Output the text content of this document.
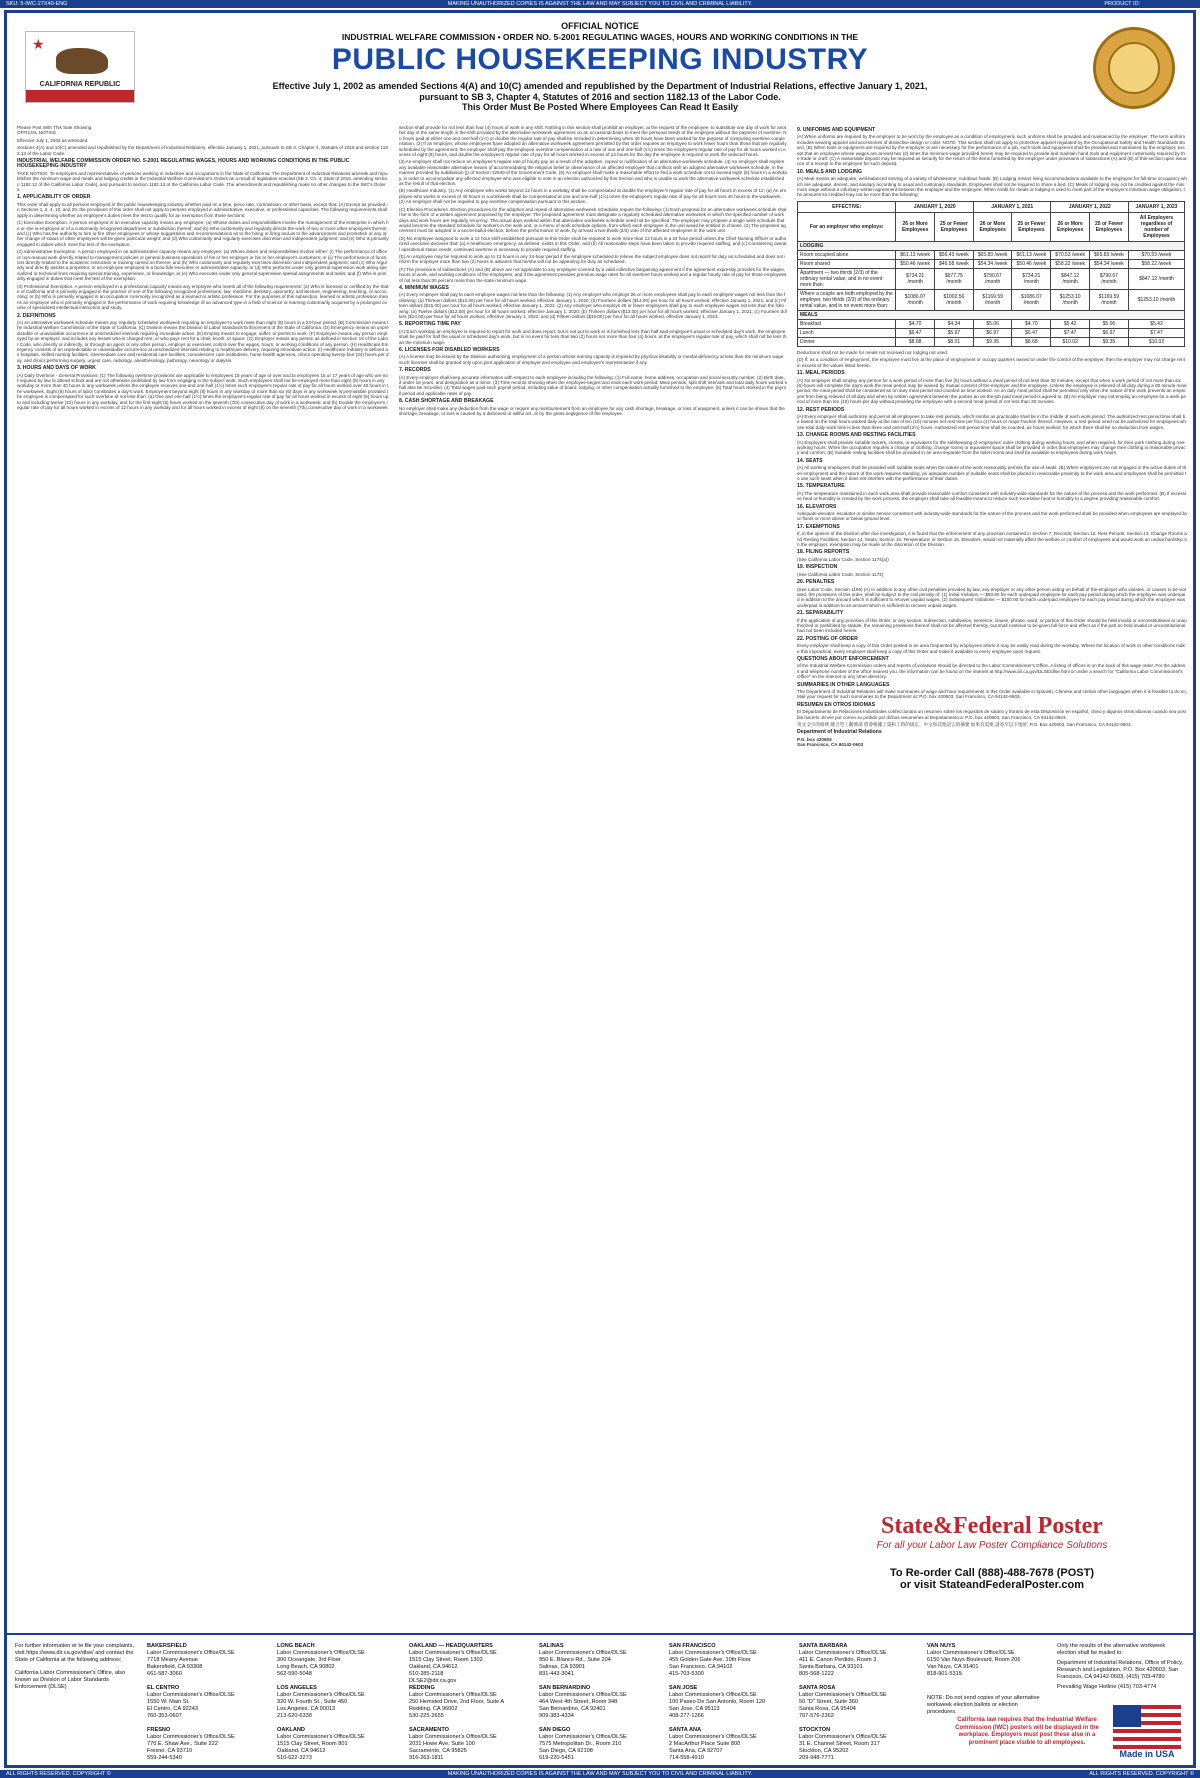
SKU: 5-IWC-27X40-ENG	MAKING UNAUTHORIZED COPIES IS AGAINST THE LAW AND MAY SUBJECT YOU TO CIVIL AND CRIMINAL LIABILITY.	PRODUCT ID:
★
CALIFORNIA REPUBLIC
OFFICIAL NOTICE
INDUSTRIAL WELFARE COMMISSION • ORDER NO. 5-2001 REGULATING WAGES, HOURS AND WORKING CONDITIONS IN THE
PUBLIC HOUSEKEEPING INDUSTRY
Effective July 1, 2002 as amended Sections 4(A) and 10(C) amended and republished by the Department of Industrial Relations, effective January 1, 2021,
pursuant to SB 3, Chapter 4, Statutes of 2016 and section 1182.13 of the Labor Code.
This Order Must Be Posted Where Employees Can Read It Easily
Please Post With This Side Showing
OFFICIAL NOTICE
Effective July 1, 2002 as amended
Sections 4(A) and 10(C) amended and republished by the Department of Industrial Relations, effective January 1, 2021, pursuant to SB 3, Chapter 4, Statutes of 2016 and section 1182.13 of the Labor Code.
INDUSTRIAL WELFARE COMMISSION ORDER NO. 5-2001 REGULATING WAGES, HOURS AND WORKING CONDITIONS IN THE PUBLIC HOUSEKEEPING INDUSTRY
TAKE NOTICE: To employers and representatives of persons working in industries and occupations in the State of California: The Department of Industrial Relations amends and republishes the minimum wage and meals and lodging credits in the Industrial Welfare Commission's Orders as a result of legislation enacted (SB 3, Ch. 4, Stats of 2016, amending section 1182.12 of the California Labor Code), and pursuant to section 1182.13 of the California Labor Code. The amendments and republishing make no other changes to the IWC's Orders.
1. APPLICABILITY OF ORDER
This order shall apply to all persons employed in the public housekeeping industry whether paid on a time, piece rate, commission, or other basis, except that: (A) Except as provided in Sections 1, 2, 4, 10, and 20, the provisions of this order shall not apply to persons employed in administrative, executive, or professional capacities. The following requirements shall apply in determining whether an employee's duties meet the test to qualify for an exemption from those sections:
(1) Executive Exemption. A person employed in an executive capacity means any employee: (a) Whose duties and responsibilities involve the management of the enterprise in which he or she is employed or of a customarily recognized department or subdivision thereof; and (b) Who customarily and regularly directs the work of two or more other employees therein; and (c) Who has the authority to hire or fire other employees or whose suggestions and recommendations as to the hiring or firing and as to the advancement and promotion or any other change of status of other employees will be given particular weight; and (d) Who customarily and regularly exercises discretion and independent judgment; and (e) Who is primarily engaged in duties which meet the test of the exemption.
(2) Administrative Exemption. A person employed in an administrative capacity means any employee: (a) Whose duties and responsibilities involve either: (i) The performance of office or non-manual work directly related to management policies or general business operations of his or her employer or his or her employer's customers; or (ii) The performance of functions directly related to the academic instruction or training carried on therein; and (b) Who customarily and regularly exercises discretion and independent judgment; and (c) Who regularly and directly assists a proprietor, or an employee employed in a bona fide executive or administrative capacity; or (d) Who performs under only general supervision work along specialized or technical lines requiring special training, experience, or knowledge; or (e) Who executes under only general supervision special assignments and tasks; and (f) Who is primarily engaged in duties that meet the test of the exemption.
(3) Professional Exemption. A person employed in a professional capacity means any employee who meets all of the following requirements: (a) Who is licensed or certified by the State of California and is primarily engaged in the practice of one of the following recognized professions: law, medicine, dentistry, optometry, architecture, engineering, teaching, or accounting; or (b) Who is primarily engaged in an occupation commonly recognized as a learned or artistic profession. For the purposes of this subsection, learned or artistic profession means an employee who is primarily engaged in the performance of work requiring knowledge of an advanced type in a field of science or learning customarily acquired by a prolonged course of specialized intellectual instruction and study.
2. DEFINITIONS
(A) An alternative workweek schedule means any regularly scheduled workweek requiring an employee to work more than eight (8) hours in a 24-hour period. (B) Commission means the Industrial Welfare Commission of the State of California. (C) Division means the Division of Labor Standards Enforcement of the State of California. (D) Emergency means an unpredictable or unavoidable occurrence at unscheduled intervals requiring immediate action. (E) Employ means to engage, suffer, or permit to work. (F) Employee means any person employed by an employer, and includes any lessee who is charged rent, or who pays rent for a chair, booth, or space. (G) Employer means any person as defined in Section 18 of the Labor Code, who directly or indirectly, or through an agent or any other person, employs or exercises control over the wages, hours, or working conditions of any person. (H) Healthcare Emergency consists of an unpredictable or unavoidable occurrence at unscheduled intervals relating to healthcare delivery, requiring immediate action. (I) Healthcare Industry is defined as hospitals, skilled nursing facilities, intermediate care and residential care facilities, convalescent care institutions, home health agencies, clinics operating twenty-four (24) hours per day, and clinics performing surgery, urgent care, radiology, anesthesiology, pathology, neurology or dialysis.
3. HOURS AND DAYS OF WORK
(A) Daily Overtime - General Provisions. (1) The following overtime provisions are applicable to employees 18 years of age or over and to employees 16 or 17 years of age who are not required by law to attend school and are not otherwise prohibited by law from engaging in the subject work. Such employees shall not be employed more than eight (8) hours in any workday or more than 40 hours in any workweek unless the employee receives one and one-half (1½) times such employee's regular rate of pay for all hours worked over 40 hours in the workweek. Eight (8) hours of labor constitutes a day's work. Employment beyond eight (8) hours in any workday or more than six (6) days in any workweek is permissible provided the employee is compensated for such overtime at not less than: (a) One and one-half (1½) times the employee's regular rate of pay for all hours worked in excess of eight (8) hours up to and including twelve (12) hours in any workday, and for the first eight (8) hours worked on the seventh (7th) consecutive day of work in a workweek; and (b) Double the employee's regular rate of pay for all hours worked in excess of 12 hours in any workday and for all hours worked in excess of eight (8) on the seventh (7th) consecutive day of work in a workweek.
section shall provide for not less than four (4) hours of work in any shift. Nothing in this section shall prohibit an employer, at the request of the employee, to substitute one day of work for another day of the same length in the shift provided by the alternative workweek agreement on an occasional basis to meet the personal needs of the employee without the payment of overtime. No hours paid at either one and one-half (1½) or double the regular rate of pay shall be included in determining when 40 hours have been worked for the purpose of computing overtime compensation. (2) If an employer, whose employees have adopted an alternative workweek agreement permitted by this order requires an employee to work fewer hours than those that are regularly scheduled by the agreement, the employer shall pay the employee overtime compensation at a rate of one and one-half (1½) times the employee's regular rate of pay for all hours worked in excess of eight (8) hours, and double the employee's regular rate of pay for all hours worked in excess of 12 hours for the day the employee is required to work the reduced hours.
(3) An employer shall not reduce an employee's regular rate of hourly pay as a result of the adoption, repeal or nullification of an alternative workweek schedule. (4) An employer shall explore any available reasonable alternative means of accommodating the religious belief or observance of an affected employee that conflicts with an adopted alternative workweek schedule, in the manner provided by subdivision (j) of Section 12940 of the Government Code. (5) An employer shall make a reasonable effort to find a work schedule not to exceed eight (8) hours in a workday, in order to accommodate any affected employee who was eligible to vote in an election authorized by this Section and who is unable to work the alternative workweek schedule established as the result of that election.
(B) Healthcare Industry. (1) Any employee who works beyond 12 hours in a workday shall be compensated at double the employee's regular rate of pay for all hours in excess of 12; (a) An employee who works in excess of 40 hours in a workweek shall be compensated at one and one-half (1½) times the employee's regular rate of pay for all hours over 40 hours in the workweek. (2) An employer shall not be required to pay overtime compensation pursuant to this section.
(C) Election Procedures. Election procedures for the adoption and repeal of alternative workweek schedules require the following: (1) Each proposal for an alternative workweek schedule shall be in the form of a written agreement proposed by the employer. The proposed agreement must designate a regularly scheduled alternative workweek in which the specified number of work days and work hours are regularly recurring. The actual days worked within that alternative workweek schedule need not be specified. The employer may propose a single work schedule that would become the standard schedule for workers in the work unit, or a menu of work schedule options, from which each employee in the unit would be entitled to choose. (2) The proposed agreement must be adopted in a secret ballot election, before the performance of work, by at least a two-thirds (2/3) vote of the affected employees in the work unit.
(D) No employee assigned to work a 12 hour shift established pursuant to this Order shall be required to work more than 12 hours in a 24 hour period unless the Chief Nursing Officer or authorized executive declares that: (a) A healthcare emergency, as defined, exists in this Order, and (b) All reasonable steps have been taken to provide required staffing, and (c) Considering overall operational status needs, continued overtime is necessary to provide required staffing.
(E) An employee may be required to work up to 13 hours in any 24-hour period if the employee scheduled to relieve the subject employee does not report for duty as scheduled and does not inform the employer more than two (2) hours in advance that he/she will not be appearing for duty as scheduled.
(F) The provisions of subsections (A) and (B) above are not applicable to any employee covered by a valid collective bargaining agreement if the agreement expressly provides for the wages, hours of work, and working conditions of the employees, and if the agreement provides premium wage rates for all overtime hours worked and a regular hourly rate of pay for those employees of not less than 30 percent more than the state minimum wage.
4. MINIMUM WAGES
(A) Every employer shall pay to each employee wages not less than the following: (1) Any employer who employs 26 or more employees shall pay to each employee wages not less than the following: (a) Thirteen dollars ($13.00) per hour for all hours worked, effective January 1, 2020; (b) Fourteen dollars ($14.00) per hour for all hours worked, effective January 1, 2021; and (c) Fifteen dollars ($15.00) per hour for all hours worked, effective January 1, 2022. (2) Any employer who employs 25 or fewer employees shall pay to each employee wages not less than the following: (a) Twelve dollars ($12.00) per hour for all hours worked, effective January 1, 2020; (b) Thirteen dollars ($13.00) per hour for all hours worked, effective January 1, 2021; (c) Fourteen dollars ($14.00) per hour for all hours worked, effective January 1, 2022; and (d) Fifteen dollars ($15.00) per hour for all hours worked, effective January 1, 2023.
5. REPORTING TIME PAY
(A) Each workday an employee is required to report for work and does report, but is not put to work or is furnished less than half said employee's usual or scheduled day's work, the employee shall be paid for half the usual or scheduled day's work, but in no event for less than two (2) hours nor more than four (4) hours, at the employee's regular rate of pay, which shall not be less than the minimum wage.
6. LICENSES FOR DISABLED WORKERS
(A) A license may be issued by the Division authorizing employment of a person whose earning capacity is impaired by physical disability or mental deficiency at less than the minimum wage. Such licenses shall be granted only upon joint application of employer and employee and employee's representative if any.
7. RECORDS
(A) Every employer shall keep accurate information with respect to each employee including the following: (1) Full name, home address, occupation and social security number. (2) Birth date, if under 18 years, and designation as a minor. (3) Time records showing when the employee begins and ends each work period. Meal periods, split shift intervals and total daily hours worked shall also be recorded. (4) Total wages paid each payroll period, including value of board, lodging, or other compensation actually furnished to the employee. (5) Total hours worked in the payroll period and applicable rates of pay.
8. CASH SHORTAGE AND BREAKAGE
No employer shall make any deduction from the wage or require any reimbursement from an employee for any cash shortage, breakage, or loss of equipment, unless it can be shown that the shortage, breakage, or loss is caused by a dishonest or willful act, or by the gross negligence of the employee.
9. UNIFORMS AND EQUIPMENT
(A) When uniforms are required by the employer to be worn by the employee as a condition of employment, such uniforms shall be provided and maintained by the employer. The term uniform includes wearing apparel and accessories of distinctive design or color. NOTE: This section shall not apply to protective apparel regulated by the Occupational Safety and Health Standards Board. (B) When tools or equipment are required by the employer or are necessary for the performance of a job, such tools and equipment shall be provided and maintained by the employer, except that an employee whose wages are at least two (2) times the minimum wage provided herein may be required to provide and maintain hand tools and equipment customarily required by the trade or craft. (C) A reasonable deposit may be required as security for the return of the items furnished by the employer under provisions of subsections (A) and (B) of this section upon issuance of a receipt to the employee for such deposit.
10. MEALS AND LODGING
(A) Meal means an adequate, well-balanced serving of a variety of wholesome, nutritious foods. (B) Lodging means living accommodations available to the employee for full-time occupancy which are adequate, decent, and sanitary according to usual and customary standards. Employees shall not be required to share a bed. (C) Meals or lodging may not be credited against the minimum wage without a voluntary written agreement between the employer and the employee. When credit for meals or lodging is used to meet part of the employer's minimum wage obligation, the amounts so credited may not be more than the following:
EFFECTIVE:	JANUARY 1, 2020		JANUARY 1, 2021		JANUARY 1, 2022		JANUARY 1, 2023
For an employer who employs:	26 or More Employees	25 or Fewer Employees	26 or More Employees	25 or Fewer Employees	26 or More Employees	25 or Fewer Employees	All Employers regardless of number of Employees
LODGING							
Room occupied alone	$61.13 /week	$56.43 /week	$65.83 /week	$61.13 /week	$70.53 /week	$65.83 /week	$70.53 /week
Room shared	$50.46 /week	$46.58 /week	$54.34 /week	$50.46 /week	$58.22 /week	$54.34 /week	$58.22 /week
Apartment — two thirds (2/3) of the ordinary rental value, and in no event more than:	$734.21 /month	$677.75 /month	$790.67 /month	$734.21 /month	$847.12 /month	$790.67 /month	$847.12 /month
Where a couple are both employed by the employer, two thirds (2/3) of the ordinary rental value, and in no event more than:	$1086.07 /month	$1002.56 /month	$1169.59 /month	$1086.07 /month	$1253.10 /month	$1169.59 /month	$1253.10 /month
MEALS							
Breakfast	$4.70	$4.34	$5.06	$4.70	$5.42	$5.06	$5.42
Lunch	$6.47	$5.97	$6.97	$6.47	$7.47	$6.97	$7.47
Dinner	$8.68	$8.01	$9.35	$8.68	$10.02	$9.35	$10.02
Deductions shall not be made for meals not received nor lodging not used.
(D) If, as a condition of employment, the employee must live at the place of employment or occupy quarters owned or under the control of the employer, then the employer may not charge rent in excess of the values listed herein.
11. MEAL PERIODS
(A) No employer shall employ any person for a work period of more than five (5) hours without a meal period of not less than 30 minutes, except that when a work period of not more than six (6) hours will complete the day's work the meal period may be waived by mutual consent of the employer and the employee. Unless the employee is relieved of all duty during a 30 minute meal period, the meal period shall be considered an on duty meal period and counted as time worked. An on duty meal period shall be permitted only when the nature of the work prevents an employee from being relieved of all duty and when by written agreement between the parties an on-the-job paid meal period is agreed to. (B) An employer may not employ an employee for a work period of more than ten (10) hours per day without providing the employee with a second meal period of not less than 30 minutes.
12. REST PERIODS
(A) Every employer shall authorize and permit all employees to take rest periods, which insofar as practicable shall be in the middle of each work period. The authorized rest period time shall be based on the total hours worked daily at the rate of ten (10) minutes net rest time per four (4) hours or major fraction thereof. However, a rest period need not be authorized for employees whose total daily work time is less than three and one-half (3½) hours. Authorized rest period time shall be counted, as hours worked, for which there shall be no deduction from wages.
13. CHANGE ROOMS AND RESTING FACILITIES
(A) Employers shall provide suitable lockers, closets, or equivalent for the safekeeping of employees' outer clothing during working hours, and when required, for their work clothing during non-working hours. When the occupation requires a change of clothing, change rooms or equivalent space shall be provided in order that employees may change their clothing in reasonable privacy and comfort. (B) Suitable resting facilities shall be provided in an area separate from the toilet rooms and shall be available to employees during work hours.
14. SEATS
(A) All working employees shall be provided with suitable seats when the nature of the work reasonably permits the use of seats. (B) When employees are not engaged in the active duties of their employment and the nature of the work requires standing, an adequate number of suitable seats shall be placed in reasonable proximity to the work area and employees shall be permitted to use such seats when it does not interfere with the performance of their duties.
15. TEMPERATURE
(A) The temperature maintained in each work area shall provide reasonable comfort consistent with industry-wide standards for the nature of the process and the work performed. (B) If excessive heat or humidity is created by the work process, the employer shall take all feasible means to reduce such excessive heat or humidity to a degree providing reasonable comfort.
16. ELEVATORS
Adequate elevator, escalator or similar service consistent with industry-wide standards for the nature of the process and the work performed shall be provided when employees are employed four floors or more above or below ground level.
17. EXEMPTIONS
If, in the opinion of the Division after due investigation, it is found that the enforcement of any provision contained in Section 7, Records; Section 12, Rest Periods; Section 13, Change Rooms and Resting Facilities; Section 14, Seats; Section 15, Temperature; or Section 16, Elevators, would not materially affect the welfare or comfort of employees and would work an undue hardship on the employer, exemption may be made at the discretion of the Division.
18. FILING REPORTS
(See California Labor Code, Section 1174(a))
19. INSPECTION
(See California Labor Code, Section 1174)
20. PENALTIES
(See Labor Code, Section 1199) (A) In addition to any other civil penalties provided by law, any employer or any other person acting on behalf of the employer who violates, or causes to be violated, the provisions of this order, shall be subject to the civil penalty of: (1) Initial Violation — $50.00 for each underpaid employee for each pay period during which the employee was underpaid in addition to the amount which is sufficient to recover unpaid wages. (2) Subsequent Violations — $100.00 for each underpaid employee for each pay period during which the employee was underpaid in addition to an amount which is sufficient to recover unpaid wages.
21. SEPARABILITY
If the application of any provision of this Order, or any section, subsection, subdivision, sentence, clause, phrase, word, or portion of this Order should be held invalid or unconstitutional or unauthorized or prohibited by statute, the remaining provisions thereof shall not be affected thereby, but shall continue to be given full force and effect as if the part so held invalid or unconstitutional had not been included herein.
22. POSTING OF ORDER
Every employer shall keep a copy of this Order posted in an area frequented by employees where it may be easily read during the workday. Where the location of work or other conditions make this impractical, every employer shall keep a copy of this Order and make it available to every employee upon request.
QUESTIONS ABOUT ENFORCEMENT
of the Industrial Welfare Commission orders and reports of violations should be directed to the Labor Commissioner's Office. A listing of offices is on the back of this wage order. For the address and telephone number of the office nearest you, the information can be found on the internet at http://www.dir.ca.gov/DLSE/dlse.html or under a search for "California Labor Commissioner's Office" on the internet or any other directory.
SUMMARIES IN OTHER LANGUAGES
The Department of Industrial Relations will make summaries of wage and hour requirements in this Order available in Spanish, Chinese and certain other languages when it is feasible to do so. Mail your request for such summaries to the Department at: P.O. box 420603, San Francisco, CA 94142-0603.
RESUMEN EN OTROS IDIOMAS
El Departamento de Relaciones Industriales confeccionara un resumen sobre los requisitos de salario y horario de esta Disposición en español, chino y algunos otros idiomas cuando sea posible hacerlo. Envíe por correo su pedido por dichos resumenes al Departamento a: P.O. box 420603, San Francisco, CA 94142-0603.
英文文字的條例 總合勞工關係部 將會根據工資和工時的規定、中文和其他語言的摘要 如果有需要,請寄至以下地址: P.O. Box 420603, San Francisco, CA 94142-0603.
Department of Industrial Relations
P.O. box 420603
San Francisco, CA 94142-0603
State&Federal Poster
For all your Labor Law Poster Compliance Solutions
To Re-order Call (888)-488-7678 (POST)
or visit StateandFederalPoster.com
For further information or to file your complaints, visit https://www.dir.ca.gov/dlse/ and contact the State of California at the following address:
California Labor Commissioner's Office, also known as Division of Labor Standards Enforcement (DLSE)
BAKERSFIELD
Labor Commissioner's Office/DLSE
7718 Meany Avenue
Bakersfield, CA 93308
661-587-3060
EL CENTRO
Labor Commissioner's Office/DLSE
1550 W. Main St.
El Centro, CA 92243
760-353-0607
FRESNO
Labor Commissioner's Office/DLSE
770 E. Shaw Ave., Suite 222
Fresno, CA 93710
559-244-5340
LONG BEACH
Labor Commissioner's Office/DLSE
300 Oceangate, 3rd Floor
Long Beach, CA 90802
562-590-5048
LOS ANGELES
Labor Commissioner's Office/DLSE
320 W. Fourth St., Suite 450
Los Angeles, CA 90013
213-620-6330
OAKLAND
Labor Commissioner's Office/DLSE
1515 Clay Street, Room 801
Oakland, CA 94612
510-622-3273
OAKLAND — HEADQUARTERS
Labor Commissioner's Office/DLSE
1515 Clay Street, Room 1302
Oakland, CA 94612
510-285-2118
DLSE2@dir.ca.gov
REDDING
Labor Commissioner's Office/DLSE
250 Hemsted Drive, 2nd Floor, Suite A
Redding, CA 96002
530-225-2655
SACRAMENTO
Labor Commissioner's Office/DLSE
2031 Howe Ave, Suite 100
Sacramento, CA 95825
916-263-1811
SALINAS
Labor Commissioner's Office/DLSE
950 E. Blanco Rd., Suite 204
Salinas, CA 93901
831-443-3041
SAN BERNARDINO
Labor Commissioner's Office/DLSE
464 West 4th Street, Room 348
San Bernardino, CA 92401
909-383-4334
SAN DIEGO
Labor Commissioner's Office/DLSE
7575 Metropolitan Dr., Room 210
San Diego, CA 92108
619-220-5451
SAN FRANCISCO
Labor Commissioner's Office/DLSE
455 Golden Gate Ave. 10th Floor
San Francisco, CA 94102
415-703-5300
SAN JOSE
Labor Commissioner's Office/DLSE
100 Paseo De San Antonio, Room 120
San Jose, CA 95113
408-277-1266
SANTA ANA
Labor Commissioner's Office/DLSE
2 MacArthur Place Suite 800
Santa Ana, CA 92707
714-558-4910
SANTA BARBARA
Labor Commissioner's Office/DLSE
411 E. Canon Perdido, Room 3
Santa Barbara, CA 93101
805-568-1222
SANTA ROSA
Labor Commissioner's Office/DLSE
50 "D" Street, Suite 360
Santa Rosa, CA 95404
707-576-2362
STOCKTON
Labor Commissioner's Office/DLSE
31 E. Channel Street, Room 317
Stockton, CA 95202
209-948-7771
VAN NUYS
Labor Commissioner's Office/DLSE
6150 Van Nuys Boulevard, Room 206
Van Nuys, CA 91401
818-901-5315
Only the results of the alternative workweek election shall be mailed to:
Department of Industrial Relations, Office of Policy, Research and Legislation, P.O. Box 420603, San Francisco, CA 94142-0603, (415) 703-4780
Prevailing Wage Hotline (415) 703-4774
NOTE: Do not send copies of your alternative workweek election ballots or election procedures.
California law requires that the Industrial Welfare Commission (IWC) posters will be displayed in the workplace. Employers must post these also in a prominent place visible to all employees.
Made in USA
ALL RIGHTS RESERVED. COPYRIGHT ©	MAKING UNAUTHORIZED COPIES IS AGAINST THE LAW AND MAY SUBJECT YOU TO CIVIL AND CRIMINAL LIABILITY.	ALL RIGHTS RESERVED. COPYRIGHT ©
